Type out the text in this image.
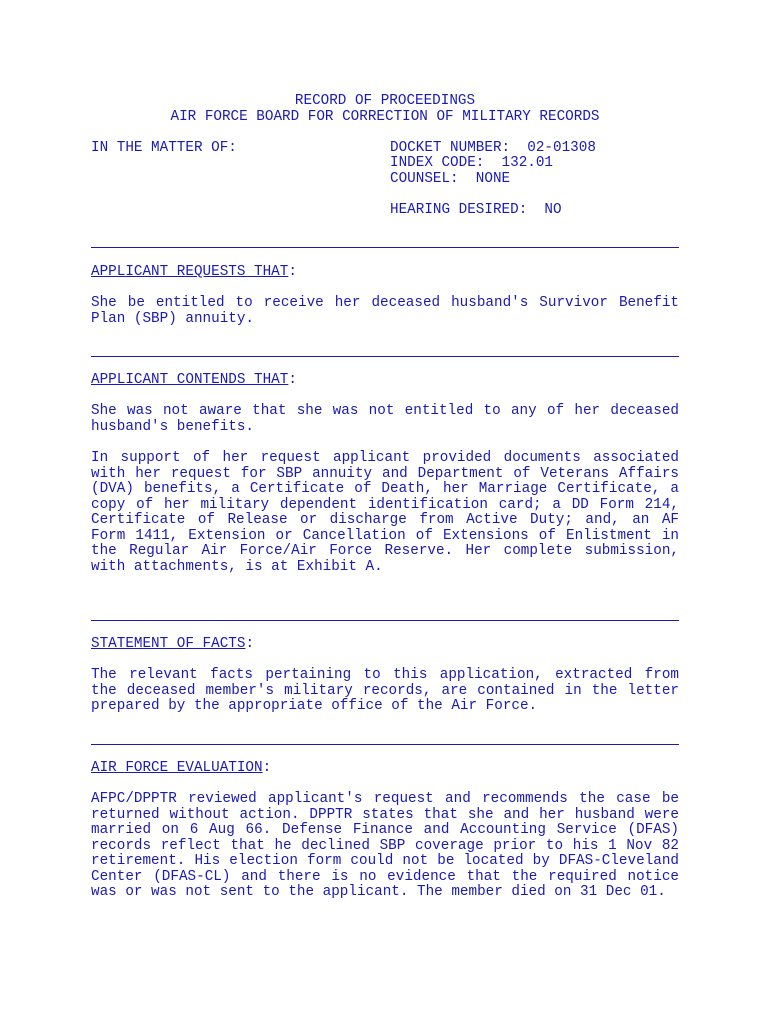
RECORD OF PROCEEDINGS
AIR FORCE BOARD FOR CORRECTION OF MILITARY RECORDS
IN THE MATTER OF:	DOCKET NUMBER:  02-01308
INDEX CODE:  132.01
COUNSEL:  NONE
HEARING DESIRED:  NO
APPLICANT REQUESTS THAT:
She be entitled to receive her deceased husband's Survivor Benefit Plan (SBP) annuity.
APPLICANT CONTENDS THAT:
She was not aware that she was not entitled to any of her deceased husband's benefits.
In support of her request applicant provided documents associated with her request for SBP annuity and Department of Veterans Affairs (DVA) benefits, a Certificate of Death, her Marriage Certificate, a copy of her military dependent identification card; a DD Form 214, Certificate of Release or discharge from Active Duty; and, an AF Form 1411, Extension or Cancellation of Extensions of Enlistment in the Regular Air Force/Air Force Reserve. Her complete submission, with attachments, is at Exhibit A.
STATEMENT OF FACTS:
The relevant facts pertaining to this application, extracted from the deceased member's military records, are contained in the letter prepared by the appropriate office of the Air Force.
AIR FORCE EVALUATION:
AFPC/DPPTR reviewed applicant's request and recommends the case be returned without action. DPPTR states that she and her husband were married on 6 Aug 66. Defense Finance and Accounting Service (DFAS) records reflect that he declined SBP coverage prior to his 1 Nov 82 retirement. His election form could not be located by DFAS-Cleveland Center (DFAS-CL) and there is no evidence that the required notice was or was not sent to the applicant. The member died on 31 Dec 01.
